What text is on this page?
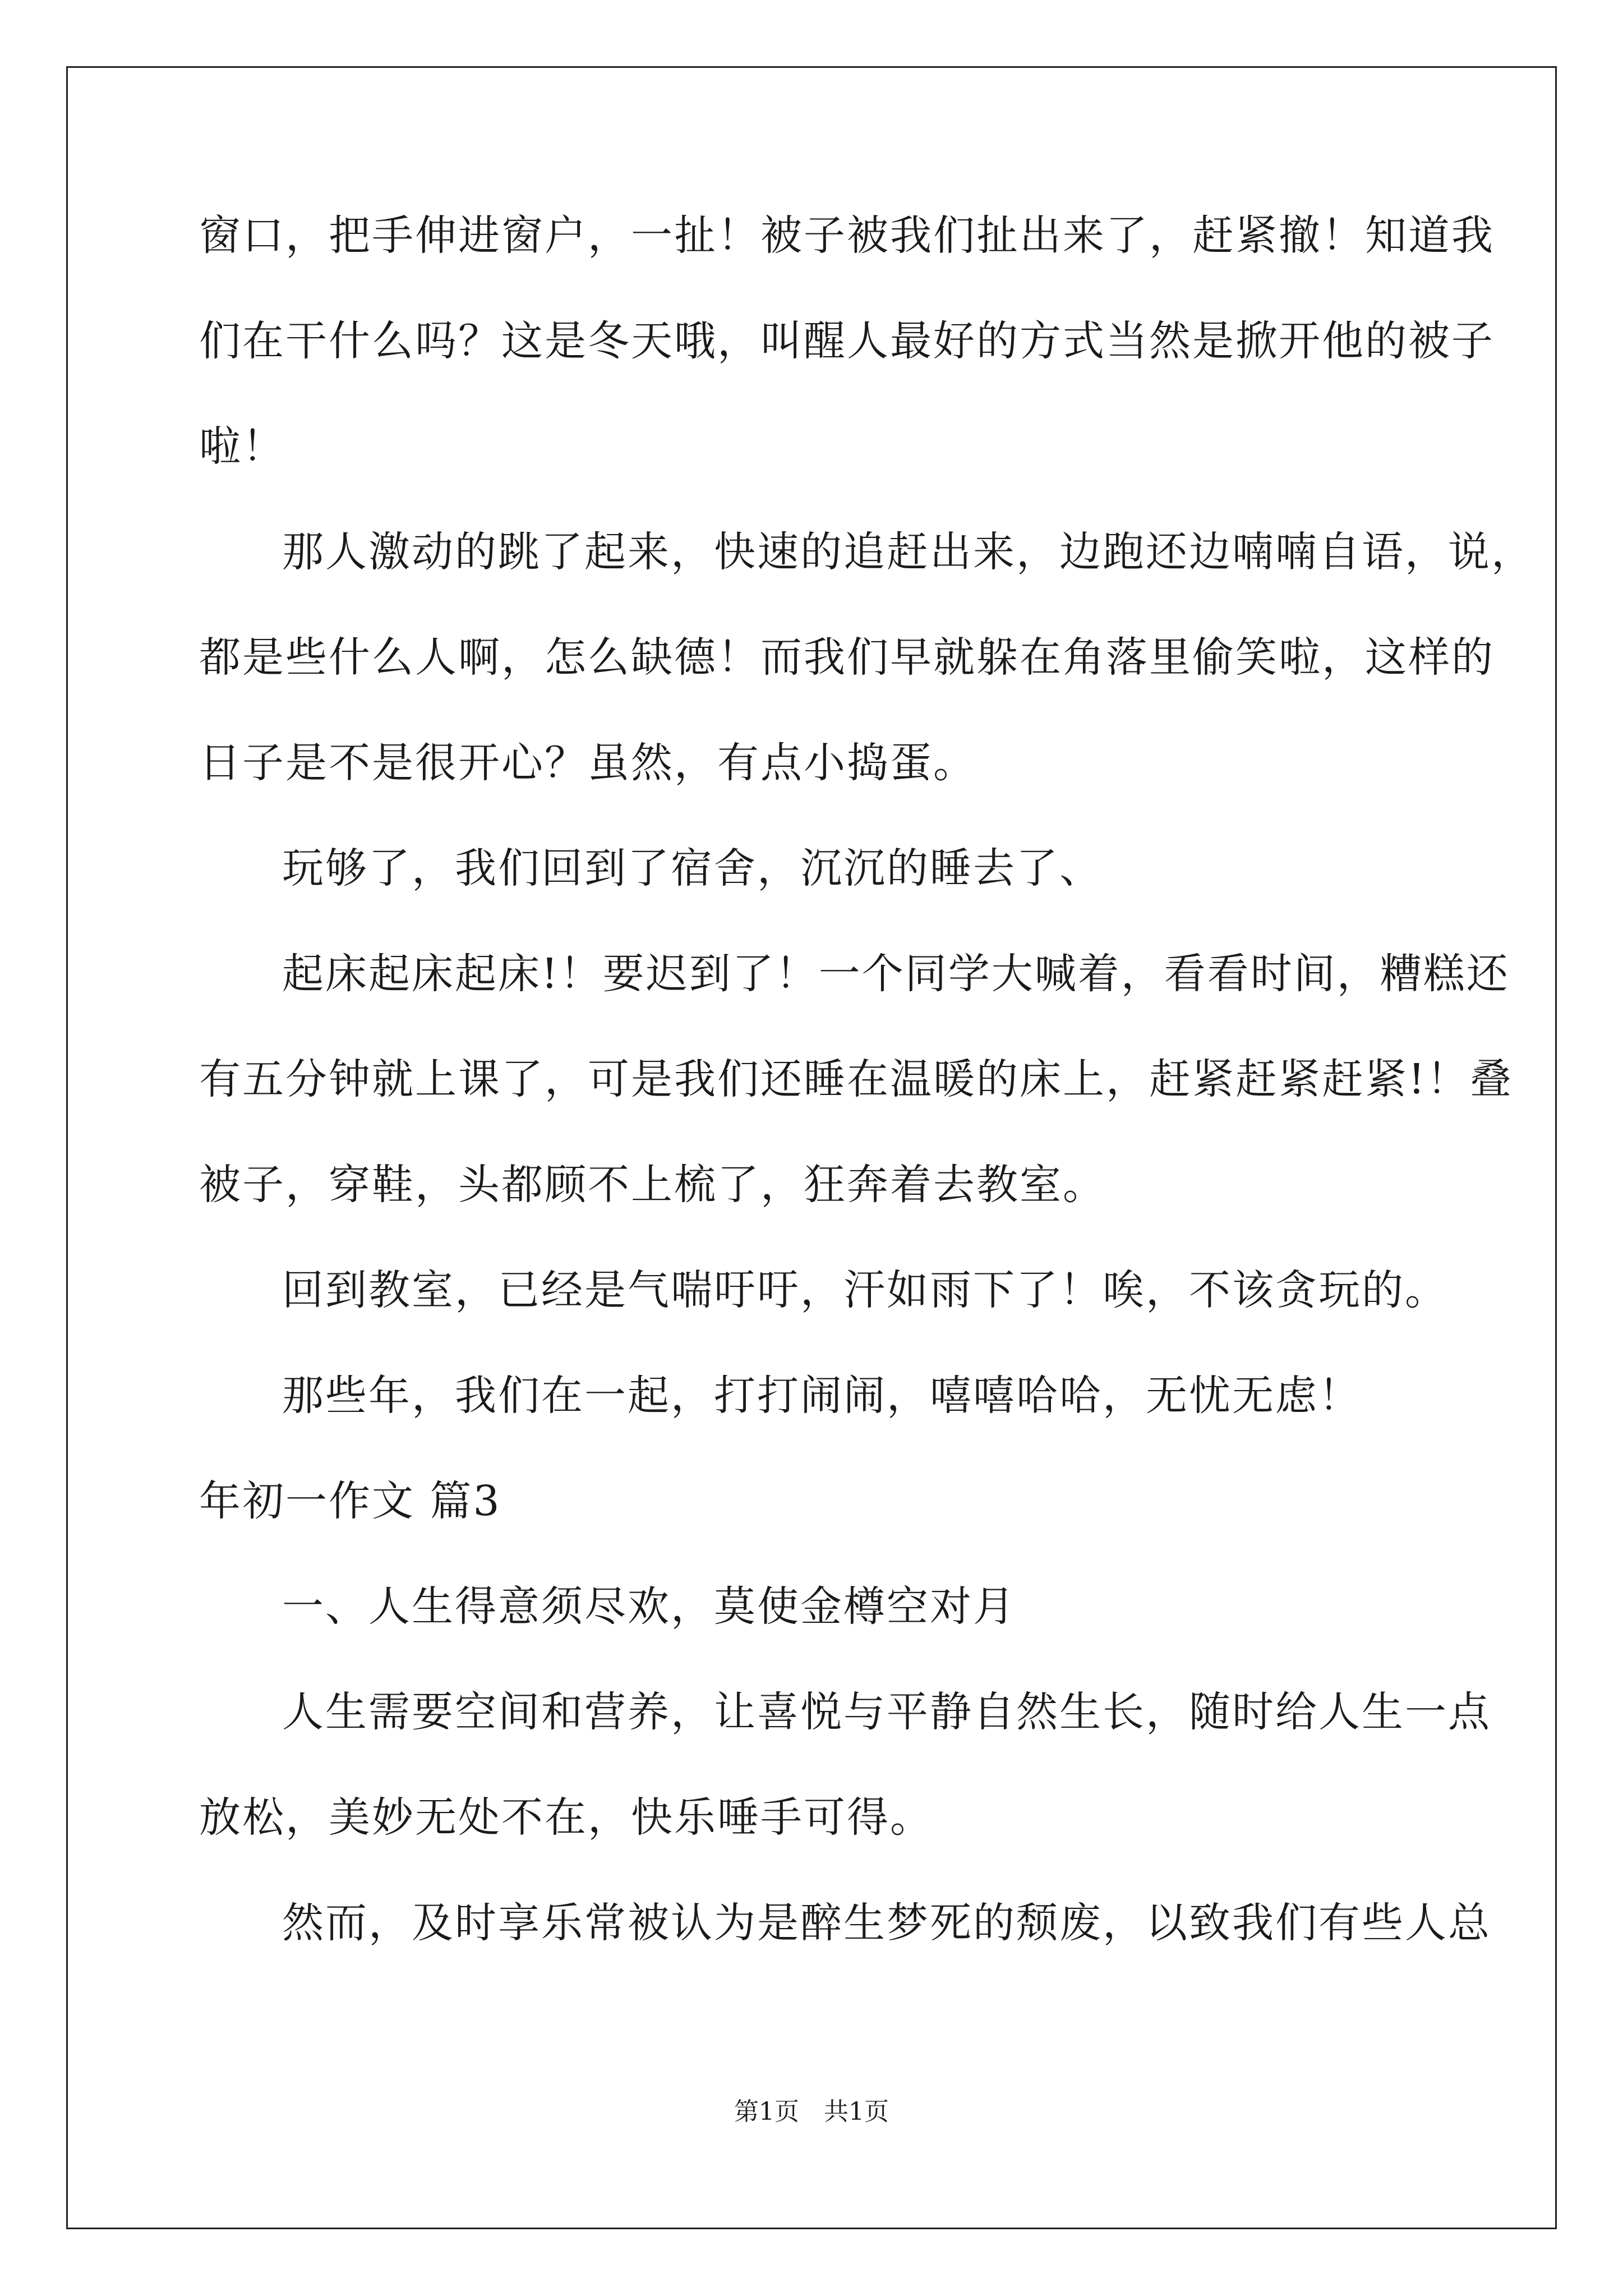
窗口，把手伸进窗户，一扯！被子被我们扯出来了，赶紧撤！知道我
们在干什么吗？这是冬天哦，叫醒人最好的方式当然是掀开他的被子
啦！
那人激动的跳了起来，快速的追赶出来，边跑还边喃喃自语，说，
都是些什么人啊，怎么缺德！而我们早就躲在角落里偷笑啦，这样的
日子是不是很开心？虽然，有点小捣蛋。
玩够了，我们回到了宿舍，沉沉的睡去了、
起床起床起床!！要迟到了！一个同学大喊着，看看时间，糟糕还
有五分钟就上课了，可是我们还睡在温暖的床上，赶紧赶紧赶紧!！叠
被子，穿鞋，头都顾不上梳了，狂奔着去教室。
回到教室，已经是气喘吁吁，汗如雨下了！唉，不该贪玩的。
那些年，我们在一起，打打闹闹，嘻嘻哈哈，无忧无虑！
年初一作文 篇3
一、人生得意须尽欢，莫使金樽空对月
人生需要空间和营养，让喜悦与平静自然生长，随时给人生一点
放松，美妙无处不在，快乐唾手可得。
然而，及时享乐常被认为是醉生梦死的颓废，以致我们有些人总
第1页 共1页
